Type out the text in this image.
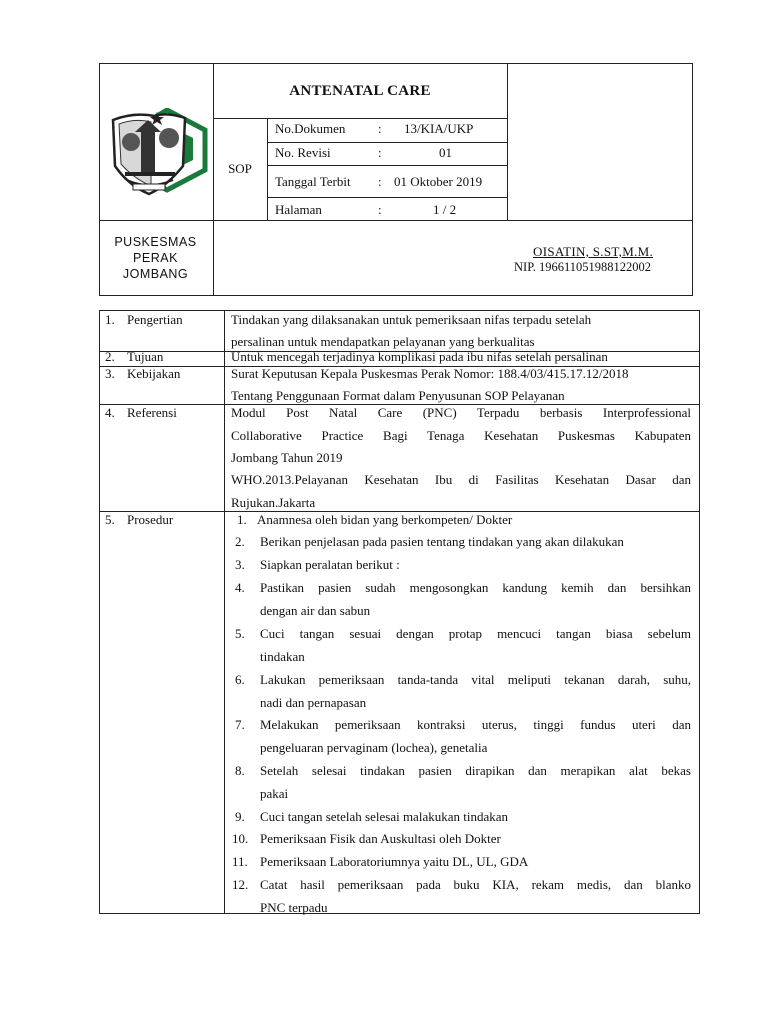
ANTENATAL CARE
SOP
No.Dokumen	: 13/KIA/UKP
No. Revisi	:	01
Tanggal Terbit : 01 Oktober 2019
Halaman	:	1 / 2
PUSKESMAS
PERAK
JOMBANG
OISATIN, S.ST,M.M.
NIP. 196611051988122002
1. Pengertian	Tindakan yang dilaksanakan untuk pemeriksaan nifas terpadu setelah
persalinan untuk mendapatkan pelayanan yang berkualitas
2. Tujuan	Untuk mencegah terjadinya komplikasi pada ibu nifas setelah persalinan
3. Kebijakan	Surat Keputusan Kepala Puskesmas Perak Nomor: 188.4/03/415.17.12/2018
Tentang Penggunaan Format dalam Penyusunan SOP Pelayanan
4. Referensi	Modul Post Natal Care (PNC) Terpadu berbasis Interprofessional
Collaborative Practice Bagi Tenaga Kesehatan Puskesmas Kabupaten
Jombang Tahun 2019
WHO.2013.Pelayanan Kesehatan Ibu di Fasilitas Kesehatan Dasar dan
Rujukan.Jakarta
5. Prosedur	1. Anamnesa oleh bidan yang berkompeten/ Dokter
2. Berikan penjelasan pada pasien tentang tindakan yang akan dilakukan
3. Siapkan peralatan berikut :
4. Pastikan pasien sudah mengosongkan kandung kemih dan bersihkan
dengan air dan sabun
5. Cuci tangan sesuai dengan protap mencuci tangan biasa sebelum
tindakan
6. Lakukan pemeriksaan tanda-tanda vital meliputi tekanan darah, suhu,
nadi dan pernapasan
7. Melakukan pemeriksaan kontraksi uterus, tinggi fundus uteri dan
pengeluaran pervaginam (lochea), genetalia
8. Setelah selesai tindakan pasien dirapikan dan merapikan alat bekas
pakai
9. Cuci tangan setelah selesai malakukan tindakan
10. Pemeriksaan Fisik dan Auskultasi oleh Dokter
11. Pemeriksaan Laboratoriumnya yaitu DL, UL, GDA
12. Catat hasil pemeriksaan pada buku KIA, rekam medis, dan blanko
PNC terpadu
